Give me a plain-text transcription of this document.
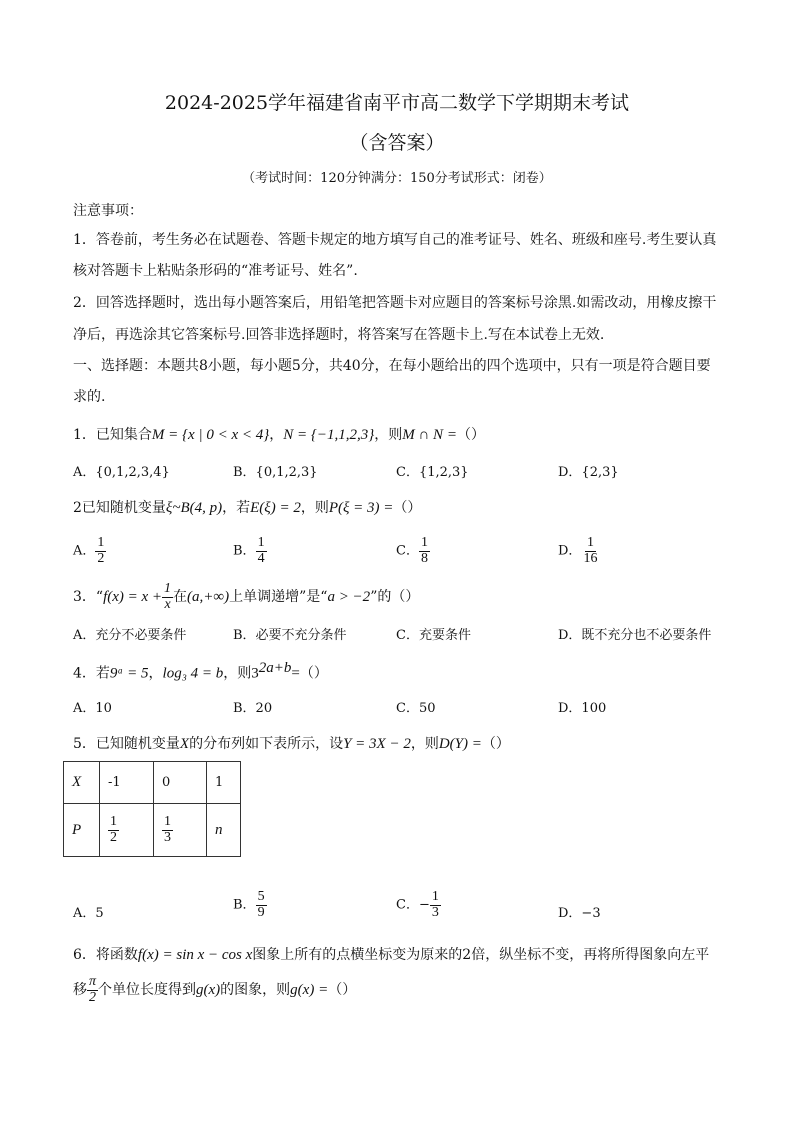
2024-2025学年福建省南平市高二数学下学期期末考试
（含答案）
（考试时间：120分钟满分：150分考试形式：闭卷）
注意事项：
1．答卷前，考生务必在试题卷、答题卡规定的地方填写自己的准考证号、姓名、班级和座号.考生要认真
核对答题卡上粘贴条形码的“准考证号、姓名”.
2．回答选择题时，选出每小题答案后，用铅笔把答题卡对应题目的答案标号涂黑.如需改动，用橡皮擦干
净后，再选涂其它答案标号.回答非选择题时，将答案写在答题卡上.写在本试卷上无效.
一、选择题：本题共8小题，每小题5分，共40分，在每小题给出的四个选项中，只有一项是符合题目要
求的.
1．已知集合M = {x | 0 < x < 4}，N = {−1,1,2,3}，则M ∩ N =（）
A．{0,1,2,3,4}	B．{0,1,2,3}	C．{1,2,3}	D．{2,3}
2已知随机变量ξ~B(4, p)，若E(ξ) = 2，则P(ξ = 3) =（）
A． $\frac{1}{2}$	B． $\frac{1}{4}$	C． $\frac{1}{8}$	D． $\frac{1}{16}$
3．“$f(x) = x + \frac{1}{x}$ 在(a,+∞)上单调递增”是“a > −2”的（）
A．充分不必要条件	B．必要不充分条件	C．充要条件	D．既不充分也不必要条件
4．若9ᵃ = 5，log₃ 4 = b，则$3^{2a+b}=()$
A．10	B．20	C．50	D．100
5．已知随机变量X的分布列如下表所示，设Y = 3X − 2，则D(Y) =（）
X	-1	0	1
P	$\frac{1}{2}$	$\frac{1}{3}$	n
A．5
B． $\frac{5}{9}$	C．− $\frac{1}{3}$	D．−3
6．将函数f(x) = sin x − cos x图象上所有的点横坐标变为原来的2倍，纵坐标不变，再将所得图象向左平
移 $\frac{\pi}{2}$ 个单位长度得到g(x)的图象，则g(x) =（）
